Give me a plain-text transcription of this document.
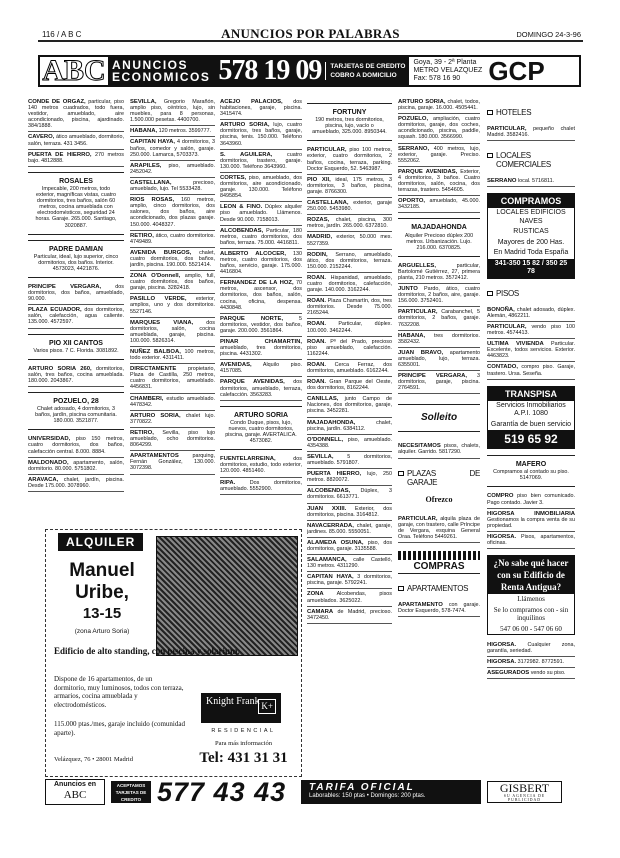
116 / A B C	ANUNCIOS POR PALABRAS	DOMINGO 24-3-96
ABC ANUNCIOS
ECONOMICOS 578 19 09	TARJETAS DE CREDITO
COBRO A DOMICILIO
Goya, 39 - 2ª Planta
METRO VELAZQUEZ
Fax: 578 16 90	GCP
CONDE DE ORGAZ, particular, piso 140 metros cuadrados, todo fuera, vestidor, amueblado, aire acondicionado, piscina, ajardinado. 384/1888.
CAVERO, ático amueblado, dormitorio, salón, terraza. 431 3456.
PUERTA DE HIERRO, 270 metros bajo. 4812888.
ROSALES
Impecable, 200 metros, todo exterior, magníficas vistas, cuatro dormitorios, tres baños, salón 60 metros, cocina amueblada con electrodomésticos, seguridad 24 horas. Garaje. 265.000. Santiago, 3020887.
PADRE DAMIAN
Particular, ideal, lujo superior, cinco dormitorios, dos baños. Interior. 4573023, 4421876.
PRINCIPE VERGARA,	dos dormitorios, dos baños, amueblado, 90.000.
PLAZA ECUADOR, dos dormitorios, salón, calefacción, agua caliente. 135.000. 4572597.
PIO XII CANTOS
Varios pisos. 7 C. Florida. 3081892.
ARTURO SORIA 260, dormitorios, salón, tres baños, cocina amueblada. 180.000. 2043867.
POZUELO, 28
Chalet adosado, 4 dormitorios, 3 baños, jardín, piscina comunitaria. 180.000. 3521877.
UNIVERSIDAD, piso 150 metros, cuatro dormitorios, dos baños, calefacción central. 8.000. 8884.
MALDONADO, apartamento, salón, dormitorio. 80.000. 5751802.
ARAVACA, chalet, jardín, piscina. Desde 175.000. 3078960.
SEVILLA, Gregorio Marañón, amplio piso, céntrico, lujo, sin muebles, para 8 personas, 1.500.000 pesetas. 4400700.
HABANA, 120 metros. 3599777.
CAPITAN HAYA, 4 dormitorios, 3 baños, comedor y salón, garaje. 250.000. Lamarca, 5703373.
ARAPILES, piso, amueblado. 2452042.
CASTELLANA,	precioso, amueblado, lujo. Tel 5533428.
RIOS ROSAS, 160 metros, amplio, cinco dormitorios, dos salones, dos baños, aire acondicionado, dos plazas garaje. 150.000. 4048327.
RETIRO, ático, cuatro dormitorios. 4749489.
AVENIDA BURGOS, chalet, cuatro dormitorios, dos baños, jardín, piscina. 190.000. 5521414.
ZONA O'Donnell, amplio, full, cuatro dormitorios, dos baños, garaje, piscina. 3282418.
PASILLO VERDE, exterior, amplios, uno y dos dormitorios. 5527146.
MARQUES VIANA, dos dormitorios, salón, cocina amueblada, garaje, piscina. 100.000. 5826314.
NUÑEZ BALBOA, 100 metros, todo exterior. 4311411.
DIRECTAMENTE propietario, Plaza de Castilla, 250 metros, cuatro dormitorios, amueblado. 4456831.
CHAMBERI, estudio amueblado. 4478342.
ARTURO SORIA, chalet lujo. 3770822.
RETIRO, Sevilla, piso lujo amueblado, ocho dormitorios. 8064299.
APARTAMENTOS	parquing, Fernán González, 130.000. 3072398.
ACEJO PALACIOS, dos habitaciones, garaje, piscina. 3415474.
ARTURO SORIA, lujo, cuatro dormitorios, tres baños, garaje, piscina, tenis. 150.000. Teléfono 3643960.
S. AGUILERA,	cuatro dormitorios, trastero, garaje. 130.000. Teléfono 3643960.
CORTES, piso, amueblado, dos dormitorios, aire acondicionado, garaje. 130.000. Teléfono 8495854.
LEON & FINO. Dúplex alquiler piso amueblado. Llámenos. Desde 90.000. 7158013.
ALCOBENDAS, Particular, 180 metros, cuatro dormitorios, dos baños, terraza. 75.000. 4416811.
ALBERTO ALCOCER, 130 metros, cuatro dormitorios, dos baños, servicio, garaje. 175.000. 4416804.
FERNANDEZ DE LA HOZ, 70 metros, ascensor, dos dormitorios, dos baños, salón, cocina, oficina, despensa. 4430848.
PARQUE NORTE,	5 dormitorios, vestidor, dos baños, garaje. 200.000. 3561864.
PINAR CHAMARTIN, amueblado, tres dormitorios, piscina. 4431302.
AVENIDAS, Alquilo piso. 4157085.
PARQUE AVENIDAS, dos dormitorios, amueblado, terraza, calefacción. 3563283.
ARTURO SORIA
Condo Duque, pisos, lujo, nuevos, cuatro dormitorios, piscina, garaje. AVERTALICA. 4573082.
FUENTELARREINA,	dos dormitorios, estudio, todo exterior, 120.000. 4851460.
RIPA.	Dos dormitorios, amueblado. 5552900.
FORTUNY
190 metros, tres dormitorios, piscina, lujo, vacío o amueblado, 325.000. 8950344.
PARTICULAR, piso 100 metros, exterior, cuatro dormitorios, 2 baños, cocina, terraza, parking. Doctor Esquerdo, 52. 5463987.
PIO XII, ideal, 175 metros, 3 dormitorios, 3 baños, piscina, garaje. 8766300.
CASTELLANA, exterior, garaje 250.000. 5453980.
ROZAS, chalet, piscina, 300 metros, jardín. 265.000. 6372810.
MADRID, exterior, 50.000 mes. 5527359.
RODIN, Serrano, amueblado, ático, dos dormitorios, terraza. 150.000. 2152244.
ROAN. Hispanidad, amueblado, cuatro dormitorios, calefacción, garaje. 140.000. 3162244.
ROAN. Plaza Chamartín, dos, tres dormitorios. Desde 75.000. 2165244.
ROAN. Particular, dúplex. 100.000. 3462244.
ROAN. Pº del Prado, precioso piso amueblado, calefacción. 1162244.
ROAN. Cerca Ferraz, dos dormitorios, amueblado. 6162244.
ROAN. Gran Parque del Oeste, dos dormitorios, 8162244.
CANILLAS, junto Campo de Naciones, dos dormitorios, garaje, piscina. 3452281.
MAJADAHONDA,	chalet, piscina, jardín. 6384112.
O'DONNELL, piso, amueblado. 4354388.
SEVILLA,	5 dormitorios, amueblado. 5791807.
PUERTA HIERRO, lujo, 250 metros. 8820072.
ALCOBENDAS, Dúplex, 3 dormitorios. 6613771.
JUAN XXIII. Exterior, dos dormitorios, piscina. 3164812.
NAVACERRADA, chalet, garaje, jardines. 85.000. 5550051.
ALAMEDA OSUNA, piso, dos dormitorios, garaje. 3135588.
SALAMANCA, calle Castelló, 130 metros. 4311290.
CAPITAN HAYA, 3 dormitorios, piscina, garaje. 5792241.
ZONA Alcobendas, pisos amueblados. 3625022.
CAMARA de Madrid, precioso. 3472450.
ARTURO SORIA, chalet, todos, piscina, garaje. 16.000. 4505441.
POZUELO, ampliación, cuatro dormitorios, garaje, dos coches, acondicionado, piscina, paddle, squash. 180.000. 3566990.
SERRANO, 400 metros, lujo, exterior, garaje. Preciso. 5552062.
PARQUE AVENIDAS, Exterior, 4 dormitorios, 3 baños. Cuatro dormitorios, salón, cocina, dos terrazas, trastero. 5454605.
OPORTO, amueblado, 45.000. 3432185.
MAJADAHONDA
Alquiler Precioso dúplex 200 metros. Urbanización. Lujo. 216.000. 6370825.
ARGUELLES,	particular, Bartolomé Gutiérrez, 27, primera planta, 210 metros. 3572412.
JUNTO Pardo, ático, cuatro dormitorios, 2 baños, aire, garaje. 156.000. 3752401.
PARTICULAR, Carabanchel, 5 dormitorios, 2 baños, garaje. 7632208.
HABANA, tres dormitorios. 3582432.
JUAN BRAVO, apartamento amueblado, lujo, terraza. 6355001.
PRINCIPE VERGARA, 3 dormitorios, garaje, piscina. 2764591.
Solleito
NECESITAMOS pisos, chalets, alquiler. Garrido. 5817290.
PLAZAS DE GARAJE
Ofrezco
PARTICULAR, alquila plaza de garaje, con trastero, calle Príncipe de Vergara, esquina General Oraa. Teléfono 5449261.
COMPRAS
APARTAMENTOS
APARTAMENTO con garaje. Doctor Esquerdo, 578-7474.
HOTELES
PARTICULAR, pequeño chalet Madrid. 3582416.
LOCALES COMERCIALES
SERRANO local. 5716811.
COMPRAMOS
LOCALES EDIFICIOS NAVES
RUSTICAS
Mayores de 200 Has.
En Madrid Toda España
341-350 15 82 / 350 25 78
PISOS
BONOÑA, chalet adosado, dúplex. Alemán, 4862211.
PARTICULAR, vendo piso 100 metros. 4574413.
ULTIMA VIVIENDA Particular. Excelente, todos servicios. Exterior. 4463823.
CONTADO, compro piso. Garaje, trastero. Ursa. Seseña.
TRANSPISA
Servicios Inmobiliarios A.P.I. 1080
Garantía de buen servicio
519 65 92
MAFERO
Compramos al contado su piso. 5147069.
COMPRO piso bien comunicado. Pago contado. Javier 3.
HIGORSA INMOBILIARIA Gestionamos la compra venta de su propiedad.
HIGORSA. Pisos, apartamentos, oficinas.
¿No sabe qué hacer con su Edificio de Renta Antigua?
Llámenos
Se lo compramos con - sin inquilinos
547 06 00 - 547 06 60
HIGORSA. Cualquier zona, garantía, seriedad.
HIGORSA. 3172982. 8772591.
ASEGURADOS vendo su piso.
ALQUILER
Manuel Uribe,
13-15
(zona Arturo Soria)
Edificio de alto standing, con piscina y solarium.
Dispone de 16 apartamentos, de un dormitorio, muy luminosos, todos con terraza, armarios, cocina amueblada y electrodomésticos.
115.000 ptas./mes, garaje incluido (comunidad aparte).
Velázquez, 76 • 28001 Madrid
Knight Frank K+
RESIDENCIAL
Para más información
Tel: 431 31 31
Anuncios en
ABC
ACEPTAMOS TARJETAS DE CREDITO 577 43 43	TARIFA OFICIAL
Laborables: 150 ptas • Domingos: 200 ptas.
GISBERT
SU AGENCIA DE PUBLICIDAD
